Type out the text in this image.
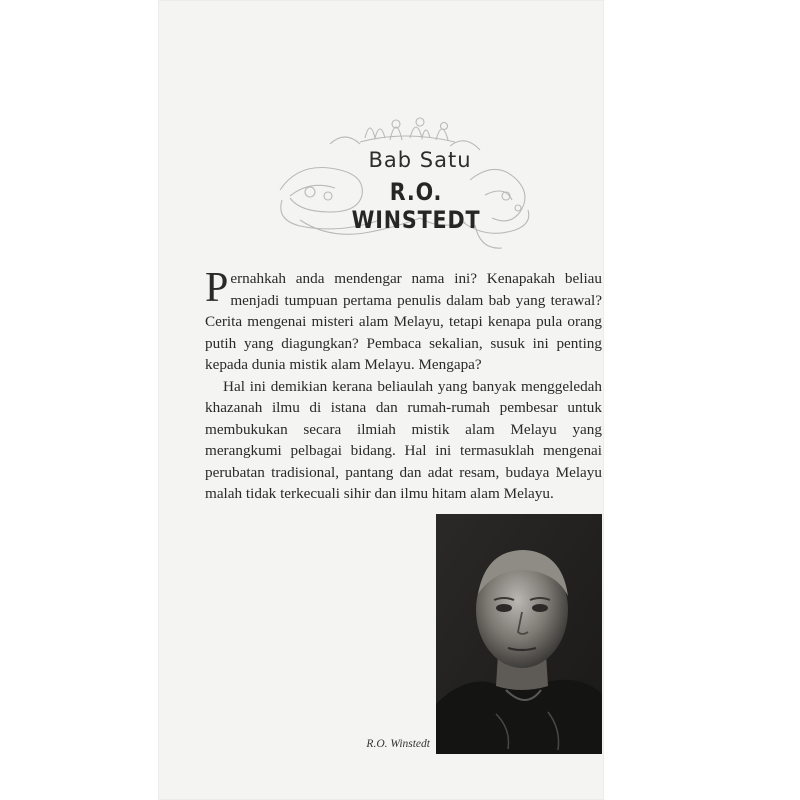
Bab Satu
R.O. WINSTEDT

Pernahkah anda mendengar nama ini? Kenapakah beliau menjadi tumpuan pertama penulis dalam bab yang terawal? Cerita mengenai misteri alam Melayu, tetapi kenapa pula orang putih yang diagungkan? Pembaca sekalian, susuk ini penting kepada dunia mistik alam Melayu. Mengapa?

Hal ini demikian kerana beliaulah yang banyak menggeledah khazanah ilmu di istana dan rumah-rumah pembesar untuk membukukan secara ilmiah mistik alam Melayu yang merangkumi pelbagai bidang. Hal ini termasuklah mengenai perubatan tradisional, pantang dan adat resam, budaya Melayu malah tidak terkecuali sihir dan ilmu hitam alam Melayu.

R.O. Winstedt
